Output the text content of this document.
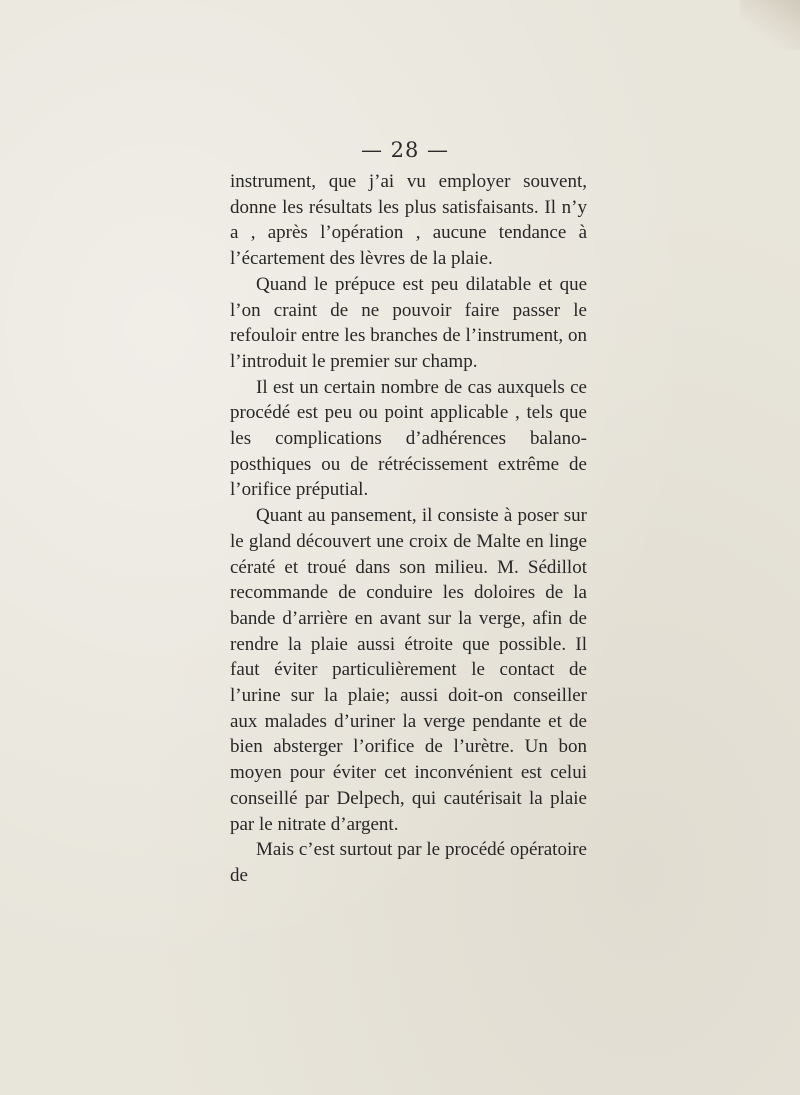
— 28 —

instrument, que j’ai vu employer souvent, donne les résultats les plus satisfaisants. Il n’y a , après l’opération , aucune tendance à l’écartement des lèvres de la plaie.

Quand le prépuce est peu dilatable et que l’on craint de ne pouvoir faire passer le refouloir entre les branches de l’instrument, on l’introduit le premier sur champ.

Il est un certain nombre de cas auxquels ce procédé est peu ou point applicable , tels que les complications d’adhérences balano-posthiques ou de rétrécissement extrême de l’orifice préputial.

Quant au pansement, il consiste à poser sur le gland découvert une croix de Malte en linge cératé et troué dans son milieu. M. Sédillot recommande de conduire les doloires de la bande d’arrière en avant sur la verge, afin de rendre la plaie aussi étroite que possible. Il faut éviter particulièrement le contact de l’urine sur la plaie; aussi doit-on conseiller aux malades d’uriner la verge pendante et de bien absterger l’orifice de l’urètre. Un bon moyen pour éviter cet inconvénient est celui conseillé par Delpech, qui cautérisait la plaie par le nitrate d’argent.

Mais c’est surtout par le procédé opératoire de
